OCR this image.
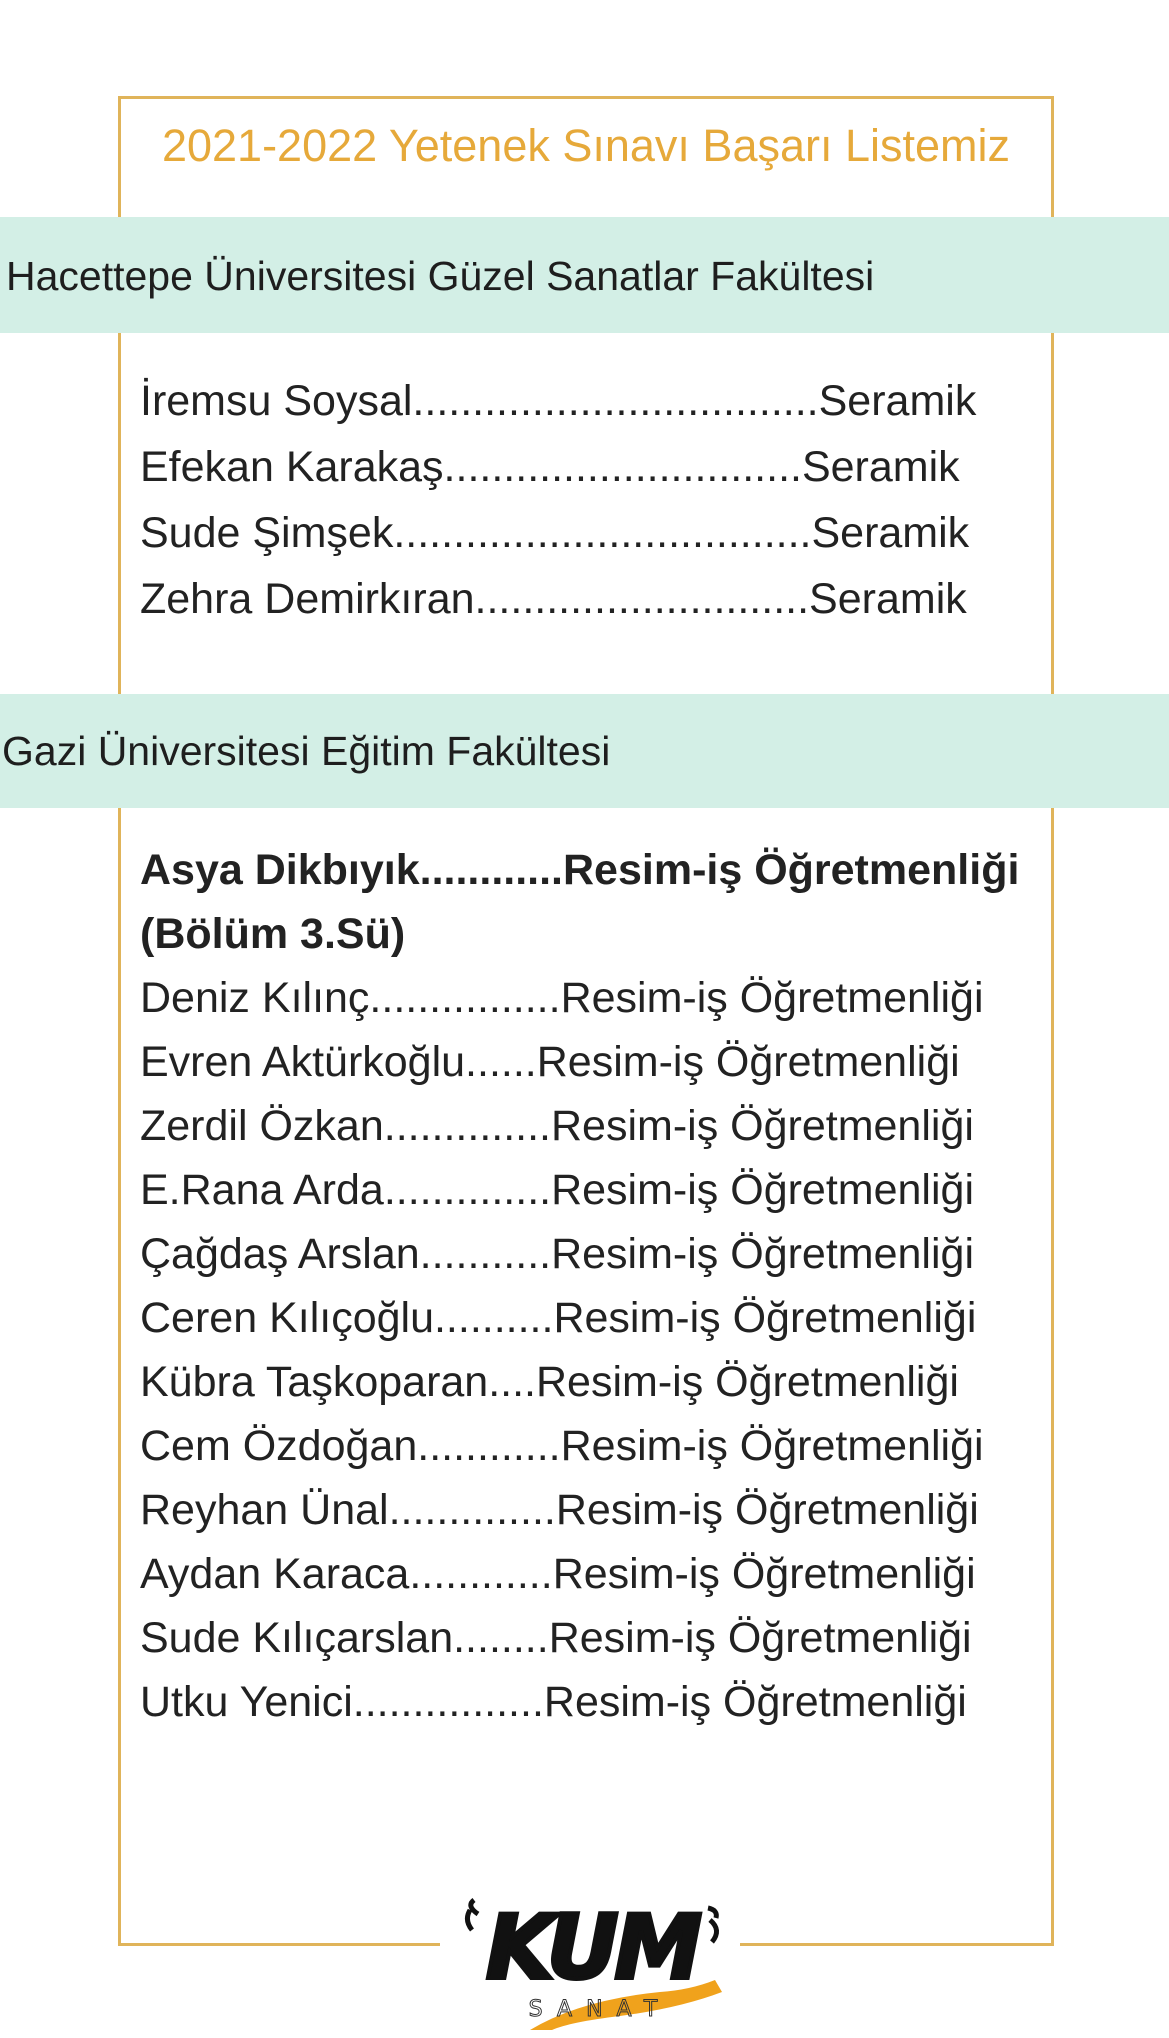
2021-2022 Yetenek Sınavı Başarı Listemiz
Hacettepe Üniversitesi Güzel Sanatlar Fakültesi
İremsu Soysal..................................Seramik
Efekan Karakaş..............................Seramik
Sude Şimşek...................................Seramik
Zehra Demirkıran............................Seramik
Gazi Üniversitesi Eğitim Fakültesi
Asya Dikbıyık............Resim-iş Öğretmenliği
(Bölüm 3.Sü)
Deniz Kılınç................Resim-iş Öğretmenliği
Evren Aktürkoğlu......Resim-iş Öğretmenliği
Zerdil Özkan..............Resim-iş Öğretmenliği
E.Rana Arda..............Resim-iş Öğretmenliği
Çağdaş Arslan...........Resim-iş Öğretmenliği
Ceren Kılıçoğlu..........Resim-iş Öğretmenliği
Kübra Taşkoparan....Resim-iş Öğretmenliği
Cem Özdoğan............Resim-iş Öğretmenliği
Reyhan Ünal..............Resim-iş Öğretmenliği
Aydan Karaca............Resim-iş Öğretmenliği
Sude Kılıçarslan........Resim-iş Öğretmenliği
Utku Yenici................Resim-iş Öğretmenliği
KUM
SANAT
